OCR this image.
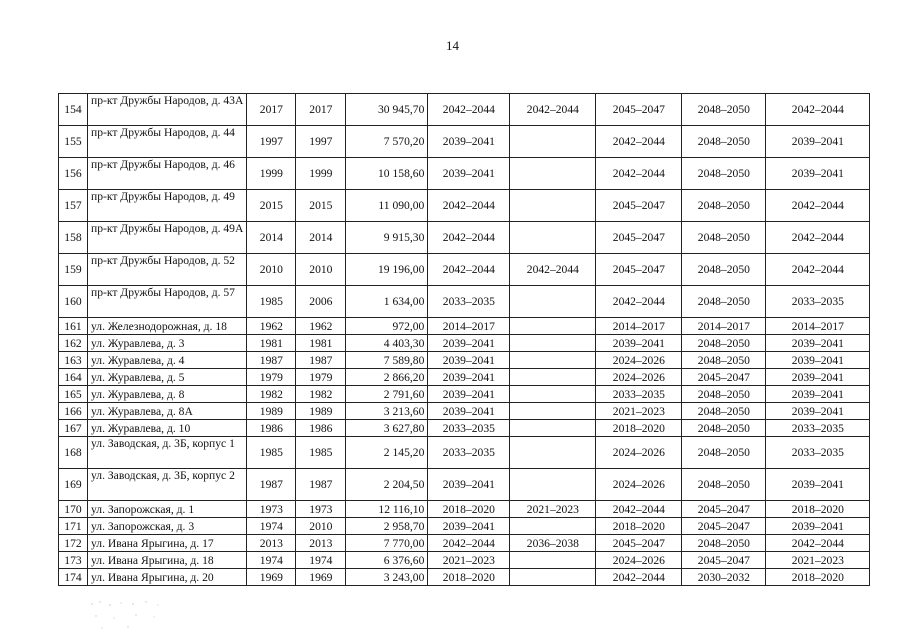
14
154	пр-кт Дружбы Народов, д. 43А	2017	2017	30 945,70	2042–2044	2042–2044	2045–2047	2048–2050	2042–2044
155	пр-кт Дружбы Народов, д. 44	1997	1997	7 570,20	2039–2041		2042–2044	2048–2050	2039–2041
156	пр-кт Дружбы Народов, д. 46	1999	1999	10 158,60	2039–2041		2042–2044	2048–2050	2039–2041
157	пр-кт Дружбы Народов, д. 49	2015	2015	11 090,00	2042–2044		2045–2047	2048–2050	2042–2044
158	пр-кт Дружбы Народов, д. 49А	2014	2014	9 915,30	2042–2044		2045–2047	2048–2050	2042–2044
159	пр-кт Дружбы Народов, д. 52	2010	2010	19 196,00	2042–2044	2042–2044	2045–2047	2048–2050	2042–2044
160	пр-кт Дружбы Народов, д. 57	1985	2006	1 634,00	2033–2035		2042–2044	2048–2050	2033–2035
161	ул. Железнодорожная, д. 18	1962	1962	972,00	2014–2017		2014–2017	2014–2017	2014–2017
162	ул. Журавлева, д. 3	1981	1981	4 403,30	2039–2041		2039–2041	2048–2050	2039–2041
163	ул. Журавлева, д. 4	1987	1987	7 589,80	2039–2041		2024–2026	2048–2050	2039–2041
164	ул. Журавлева, д. 5	1979	1979	2 866,20	2039–2041		2024–2026	2045–2047	2039–2041
165	ул. Журавлева, д. 8	1982	1982	2 791,60	2039–2041		2033–2035	2048–2050	2039–2041
166	ул. Журавлева, д. 8А	1989	1989	3 213,60	2039–2041		2021–2023	2048–2050	2039–2041
167	ул. Журавлева, д. 10	1986	1986	3 627,80	2033–2035		2018–2020	2048–2050	2033–2035
168	ул. Заводская, д. 3Б, корпус 1	1985	1985	2 145,20	2033–2035		2024–2026	2048–2050	2033–2035
169	ул. Заводская, д. 3Б, корпус 2	1987	1987	2 204,50	2039–2041		2024–2026	2048–2050	2039–2041
170	ул. Запорожская, д. 1	1973	1973	12 116,10	2018–2020	2021–2023	2042–2044	2045–2047	2018–2020
171	ул. Запорожская, д. 3	1974	2010	2 958,70	2039–2041		2018–2020	2045–2047	2039–2041
172	ул. Ивана Ярыгина, д. 17	2013	2013	7 770,00	2042–2044	2036–2038	2045–2047	2048–2050	2042–2044
173	ул. Ивана Ярыгина, д. 18	1974	1974	6 376,60	2021–2023		2024–2026	2045–2047	2021–2023
174	ул. Ивана Ярыгина, д. 20	1969	1969	3 243,00	2018–2020		2042–2044	2030–2032	2018–2020
